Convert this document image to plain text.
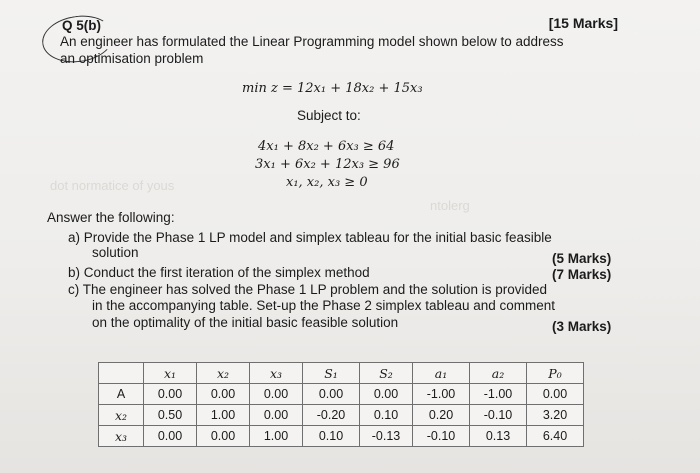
dot normatice of yous
ntolerg
Q 5(b)	[15 Marks]
An engineer has formulated the Linear Programming model shown below to address
an optimisation problem
min z = 12x₁ + 18x₂ + 15x₃
Subject to:
4x₁ + 8x₂ + 6x₃ ≥ 64
3x₁ + 6x₂ + 12x₃ ≥ 96
x₁, x₂, x₃ ≥ 0
Answer the following:
a) Provide the Phase 1 LP model and simplex tableau for the initial basic feasible
solution	(5 Marks)
b) Conduct the first iteration of the simplex method	(7 Marks)
c) The engineer has solved the Phase 1 LP problem and the solution is provided
in the accompanying table. Set-up the Phase 2 simplex tableau and comment
on the optimality of the initial basic feasible solution	(3 Marks)
	x₁	x₂	x₃	S₁	S₂	a₁	a₂	P₀
A	0.00	0.00	0.00	0.00	0.00	-1.00	-1.00	0.00
x₂	0.50	1.00	0.00	-0.20	0.10	0.20	-0.10	3.20
x₃	0.00	0.00	1.00	0.10	-0.13	-0.10	0.13	6.40
